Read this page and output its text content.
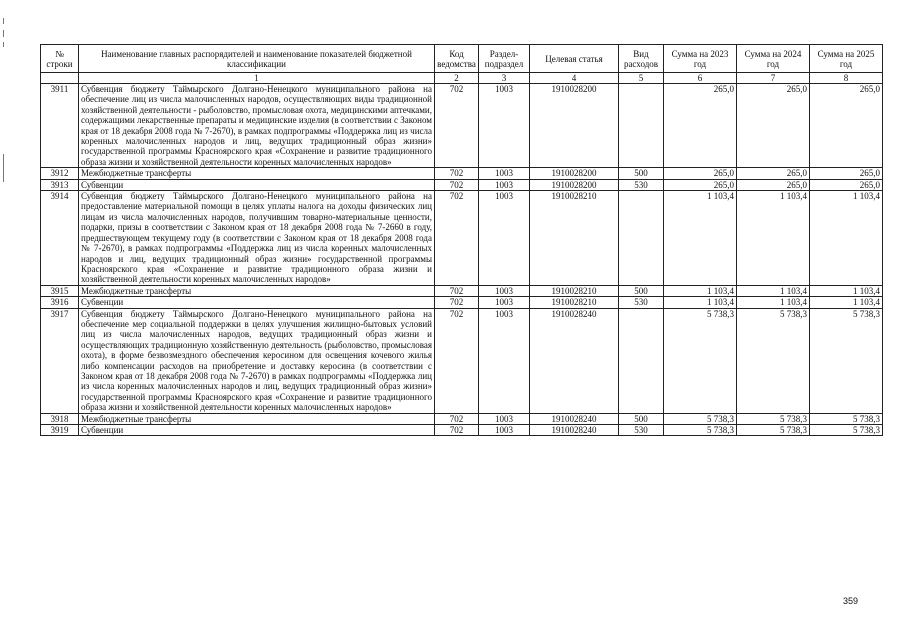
№ строки	Наименование главных распорядителей и наименование показателей бюджетной классификации	Код ведомства	Раздел-подраздел	Целевая статья	Вид расходов	Сумма на 2023 год	Сумма на 2024 год	Сумма на 2025 год
	1	2	3	4	5	6	7	8
3911	Субвенция бюджету Таймырского Долгано-Ненецкого муниципального района на обеспечение лиц из числа малочисленных народов, осуществляющих виды традиционной хозяйственной деятельности - рыболовство, промысловая охота, медицинскими аптечками, содержащими лекарственные препараты и медицинские изделия (в соответствии с Законом края от 18 декабря 2008 года № 7-2670), в рамках подпрограммы «Поддержка лиц из числа коренных малочисленных народов и лиц, ведущих традиционный образ жизни» государственной программы Красноярского края «Сохранение и развитие традиционного образа жизни и хозяйственной деятельности коренных малочисленных народов»	702	1003	1910028200		265,0	265,0	265,0
3912	Межбюджетные трансферты	702	1003	1910028200	500	265,0	265,0	265,0
3913	Субвенции	702	1003	1910028200	530	265,0	265,0	265,0
3914	Субвенция бюджету Таймырского Долгано-Ненецкого муниципального района на предоставление материальной помощи в целях уплаты налога на доходы физических лиц лицам из числа малочисленных народов, получившим товарно-материальные ценности, подарки, призы в соответствии с Законом края от 18 декабря 2008 года № 7-2660 в году, предшествующем текущему году (в соответствии с Законом края от 18 декабря 2008 года № 7-2670), в рамках подпрограммы «Поддержка лиц из числа коренных малочисленных народов и лиц, ведущих традиционный образ жизни» государственной программы Красноярского края «Сохранение и развитие традиционного образа жизни и хозяйственной деятельности коренных малочисленных народов»	702	1003	1910028210		1 103,4	1 103,4	1 103,4
3915	Межбюджетные трансферты	702	1003	1910028210	500	1 103,4	1 103,4	1 103,4
3916	Субвенции	702	1003	1910028210	530	1 103,4	1 103,4	1 103,4
3917	Субвенция бюджету Таймырского Долгано-Ненецкого муниципального района на обеспечение мер социальной поддержки в целях улучшения жилищно-бытовых условий лиц из числа малочисленных народов, ведущих традиционный образ жизни и осуществляющих традиционную хозяйственную деятельность (рыболовство, промысловая охота), в форме безвозмездного обеспечения керосином для освещения кочевого жилья либо компенсации расходов на приобретение и доставку керосина (в соответствии с Законом края от 18 декабря 2008 года № 7-2670) в рамках подпрограммы «Поддержка лиц из числа коренных малочисленных народов и лиц, ведущих традиционный образ жизни» государственной программы Красноярского края «Сохранение и развитие традиционного образа жизни и хозяйственной деятельности коренных малочисленных народов»	702	1003	1910028240		5 738,3	5 738,3	5 738,3
3918	Межбюджетные трансферты	702	1003	1910028240	500	5 738,3	5 738,3	5 738,3
3919	Субвенции	702	1003	1910028240	530	5 738,3	5 738,3	5 738,3
359
